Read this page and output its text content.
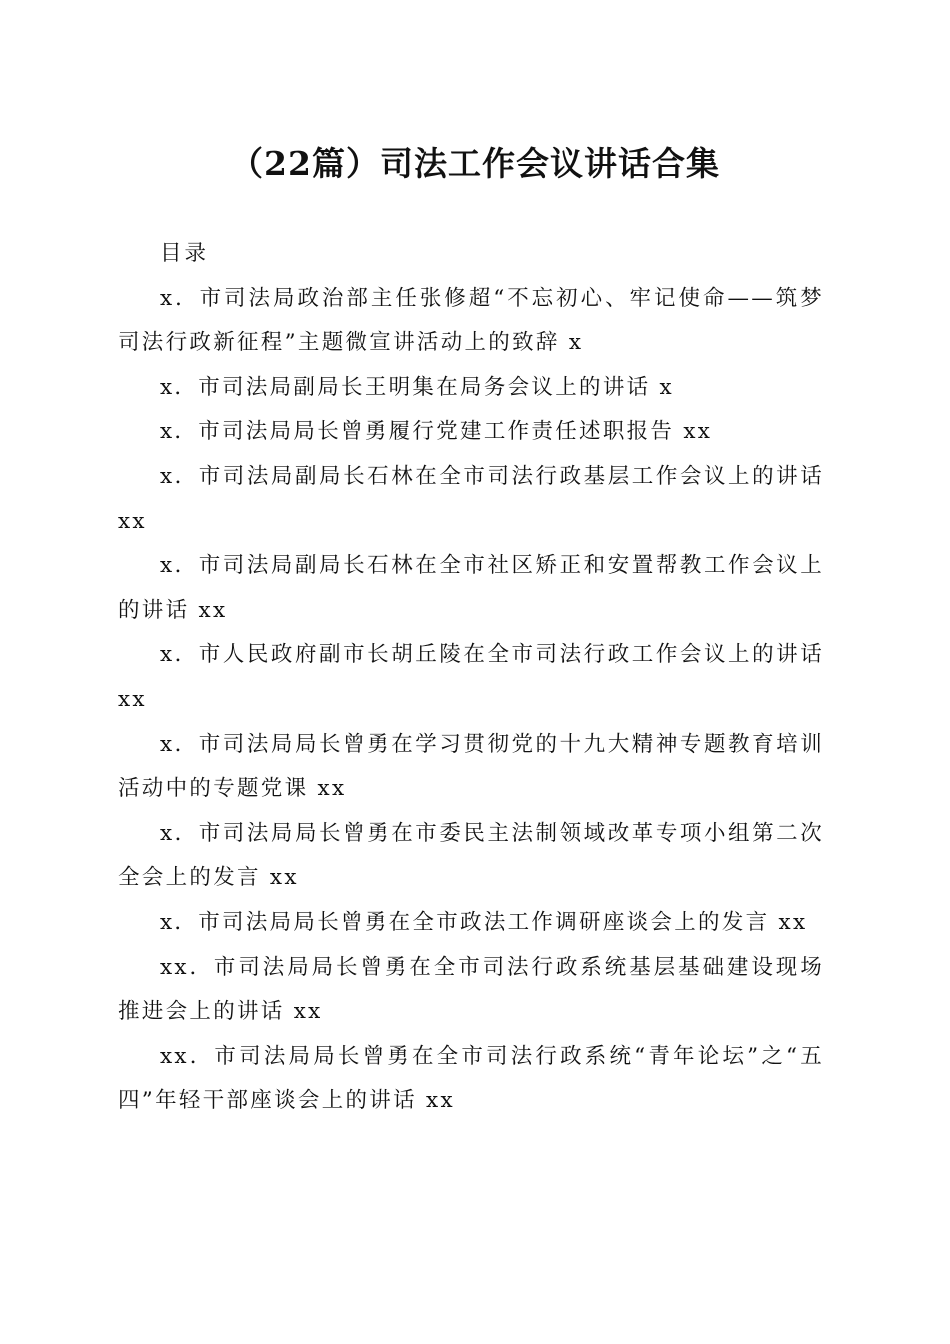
（22篇）司法工作会议讲话合集

目录

x．市司法局政治部主任张修超“不忘初心、牢记使命——筑梦司法行政新征程”主题微宣讲活动上的致辞 x

x．市司法局副局长王明集在局务会议上的讲话 x

x．市司法局局长曾勇履行党建工作责任述职报告 xx

x．市司法局副局长石林在全市司法行政基层工作会议上的讲话 xx

x．市司法局副局长石林在全市社区矫正和安置帮教工作会议上的讲话 xx

x．市人民政府副市长胡丘陵在全市司法行政工作会议上的讲话 xx

x．市司法局局长曾勇在学习贯彻党的十九大精神专题教育培训活动中的专题党课 xx

x．市司法局局长曾勇在市委民主法制领域改革专项小组第二次全会上的发言 xx

x．市司法局局长曾勇在全市政法工作调研座谈会上的发言 xx

xx．市司法局局长曾勇在全市司法行政系统基层基础建设现场推进会上的讲话 xx

xx．市司法局局长曾勇在全市司法行政系统“青年论坛”之“五四”年轻干部座谈会上的讲话 xx
